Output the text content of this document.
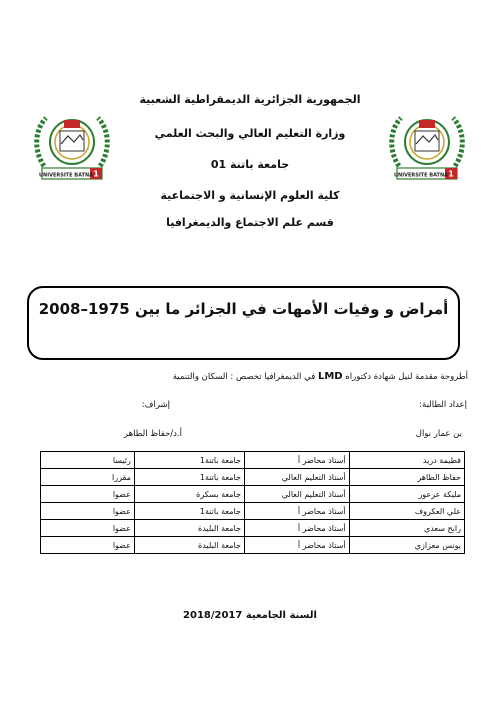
1
UNIVERSITE BATNA	1
UNIVERSITE BATNA
الجمهورية الجزائرية الديمقراطية الشعبية
وزارة التعليم العالي والبحث العلمي
جامعة باتنة 01
كلية العلوم الإنسانية و الاجتماعية
قسم علم الاجتماع والديمغرافيا
أمراض و وفيات الأمهات في الجزائر ما بين 1975–2008
أطروحة مقدمة لنيل شهادة دكتوراه LMD في الديمغرافيا تخصص : السكان والتنمية
إعداد الطالبة:
إشراف:
بن عمار نوال
أ.د/حفاظ الطاهر
فطيمة دريد	أستاذ محاضر أ	جامعة باتنة1	رئيسا
حفاظ الطاهر	أستاذ التعليم العالي	جامعة باتنة1	مقررا
مليكة عرعور	أستاذ التعليم العالي	جامعة بسكرة	عضوا
علي العكروف	أستاذ محاضر أ	جامعة باتنة1	عضوا
رابح سعدي	أستاذ محاضر أ	جامعة البليدة	عضوا
يونس معزازي	أستاذ محاضر أ	جامعة البليدة	عضوا
السنة الجامعية 2018/2017
